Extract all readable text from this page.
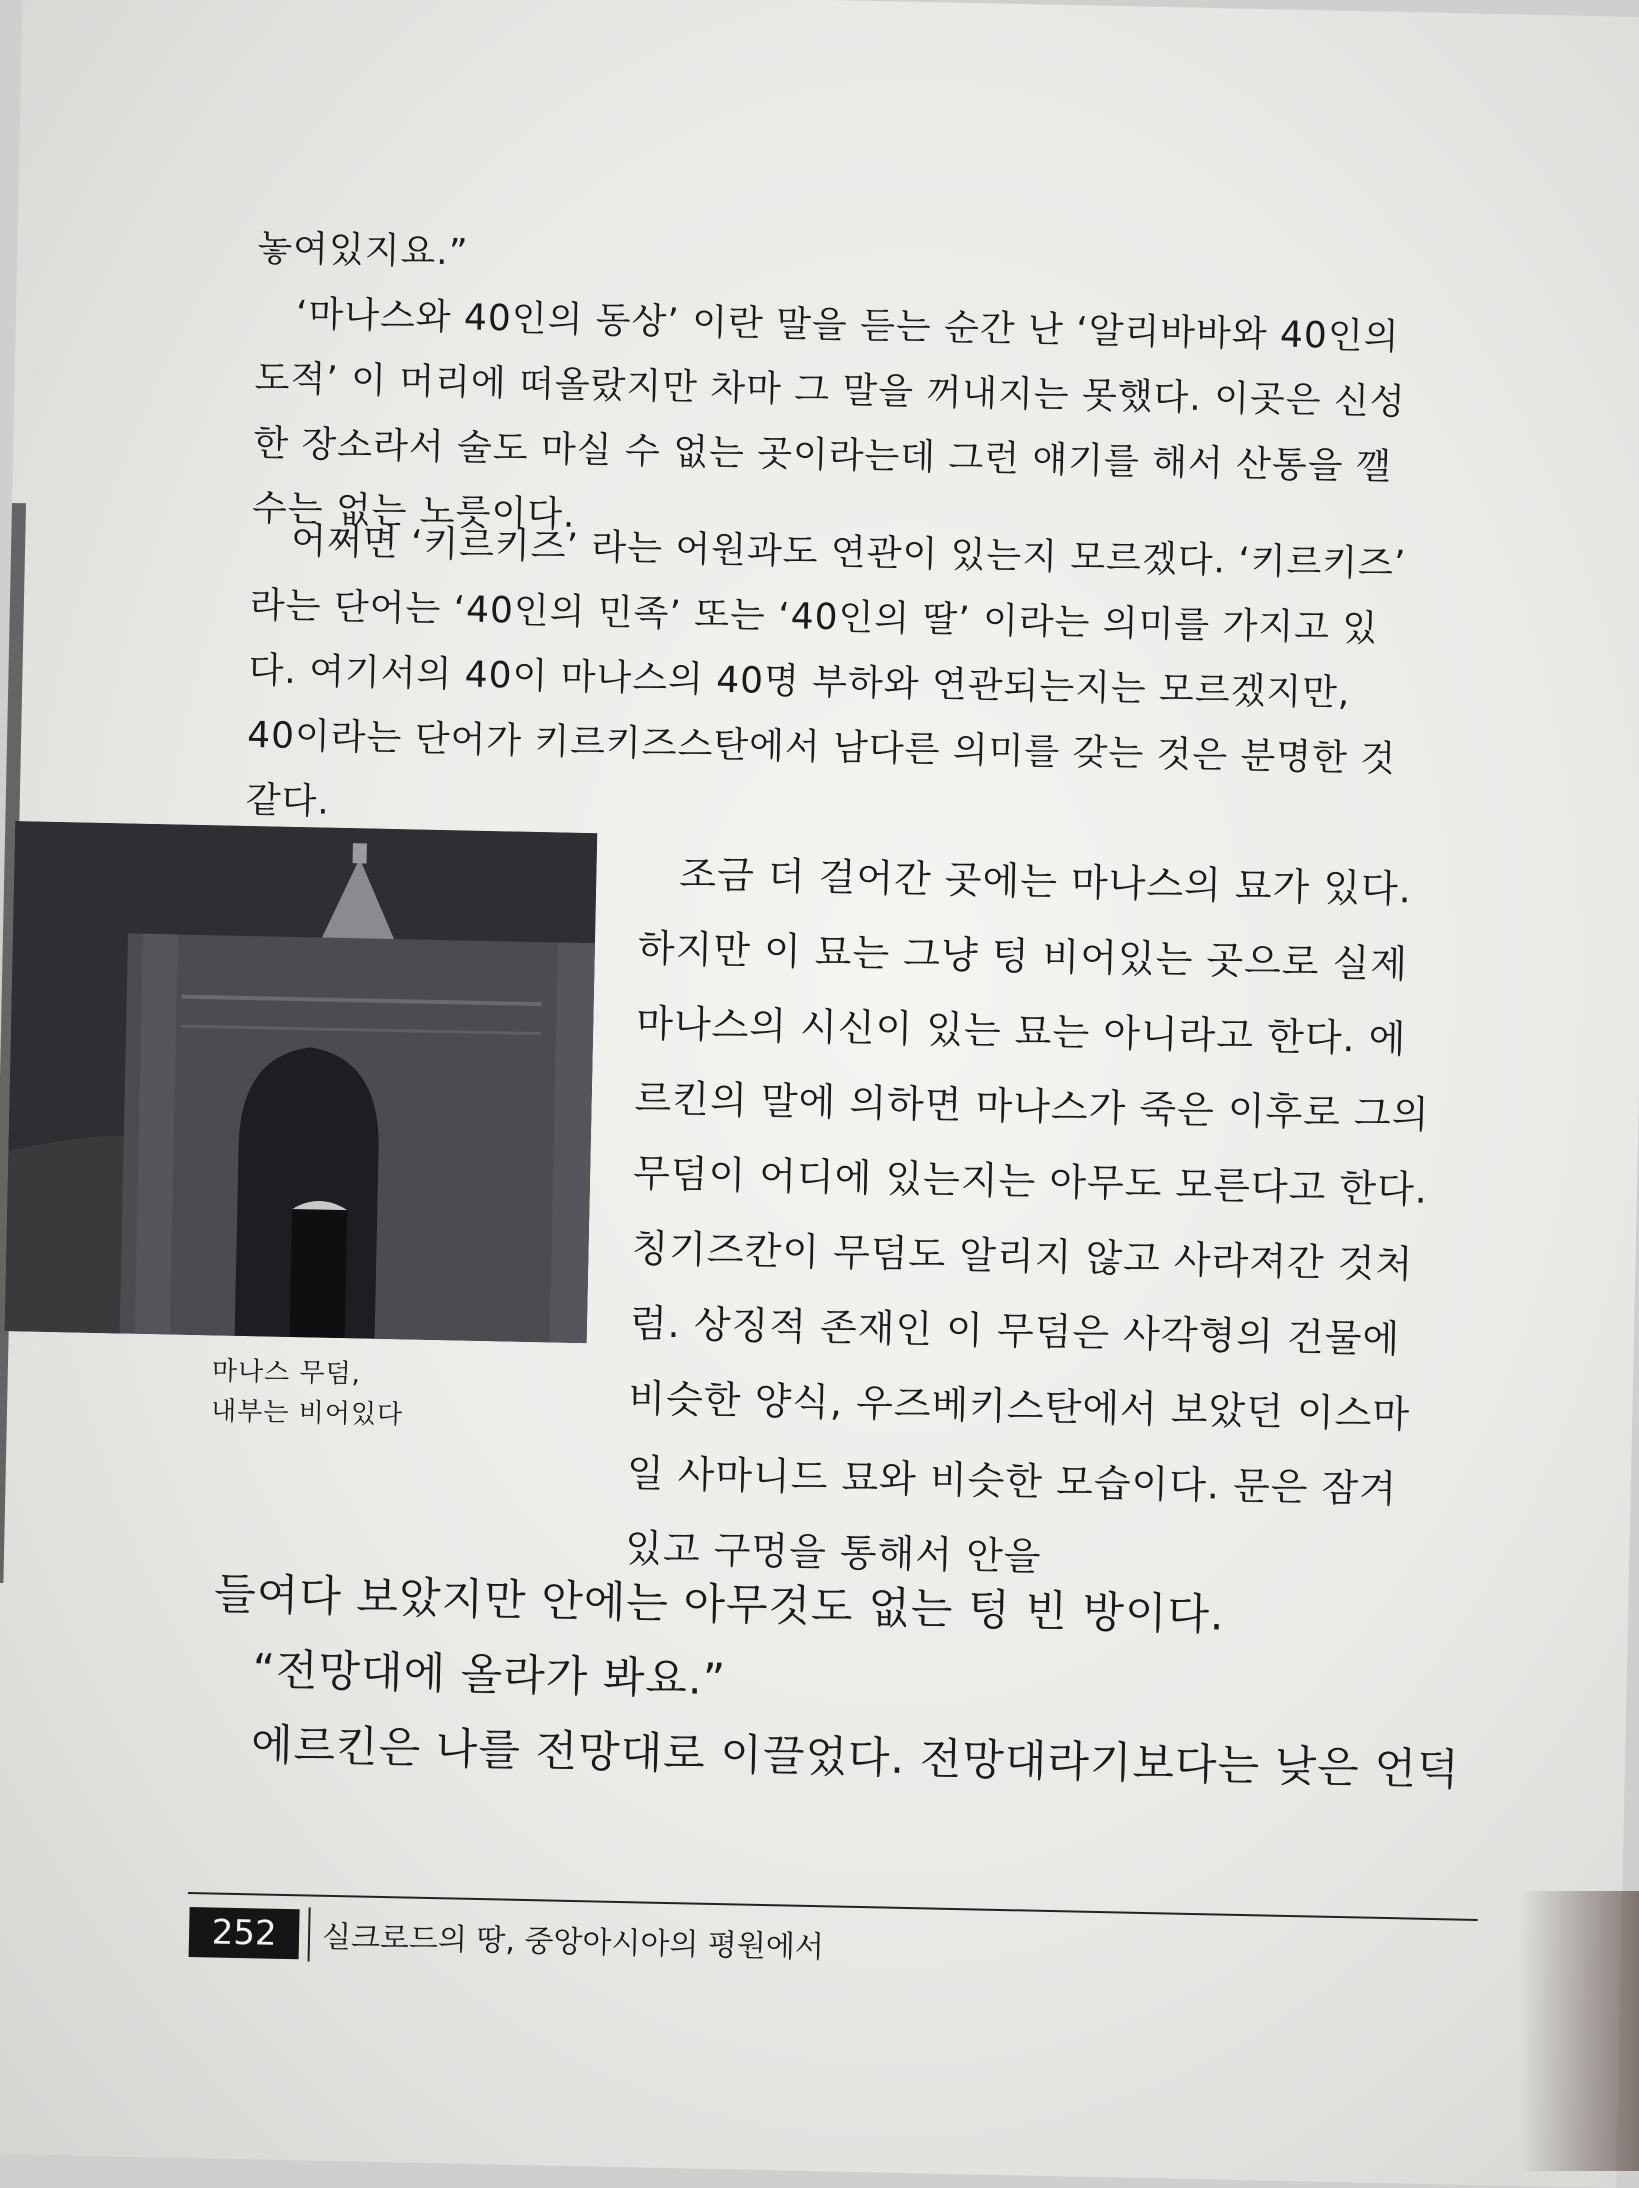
놓여있지요.”

‘마나스와 40인의 동상’ 이란 말을 듣는 순간 난 ‘알리바바와 40인의 도적’ 이 머리에 떠올랐지만 차마 그 말을 꺼내지는 못했다. 이곳은 신성한 장소라서 술도 마실 수 없는 곳이라는데 그런 얘기를 해서 산통을 깰 수는 없는 노릇이다.

어쩌면 ‘키르키즈’ 라는 어원과도 연관이 있는지 모르겠다. ‘키르키즈’ 라는 단어는 ‘40인의 민족’ 또는 ‘40인의 딸’ 이라는 의미를 가지고 있다. 여기서의 40이 마나스의 40명 부하와 연관되는지는 모르겠지만, 40이라는 단어가 키르키즈스탄에서 남다른 의미를 갖는 것은 분명한 것 같다.

마나스 무덤,
내부는 비어있다

조금 더 걸어간 곳에는 마나스의 묘가 있다. 하지만 이 묘는 그냥 텅 비어있는 곳으로 실제 마나스의 시신이 있는 묘는 아니라고 한다. 에르킨의 말에 의하면 마나스가 죽은 이후로 그의 무덤이 어디에 있는지는 아무도 모른다고 한다. 칭기즈칸이 무덤도 알리지 않고 사라져간 것처럼. 상징적 존재인 이 무덤은 사각형의 건물에 비슷한 양식, 우즈베키스탄에서 보았던 이스마일 사마니드 묘와 비슷한 모습이다. 문은 잠겨있고 구멍을 통해서 안을

들여다 보았지만 안에는 아무것도 없는 텅 빈 방이다.

“전망대에 올라가 봐요.”

에르킨은 나를 전망대로 이끌었다. 전망대라기보다는 낮은 언덕

252	실크로드의 땅, 중앙아시아의 평원에서
